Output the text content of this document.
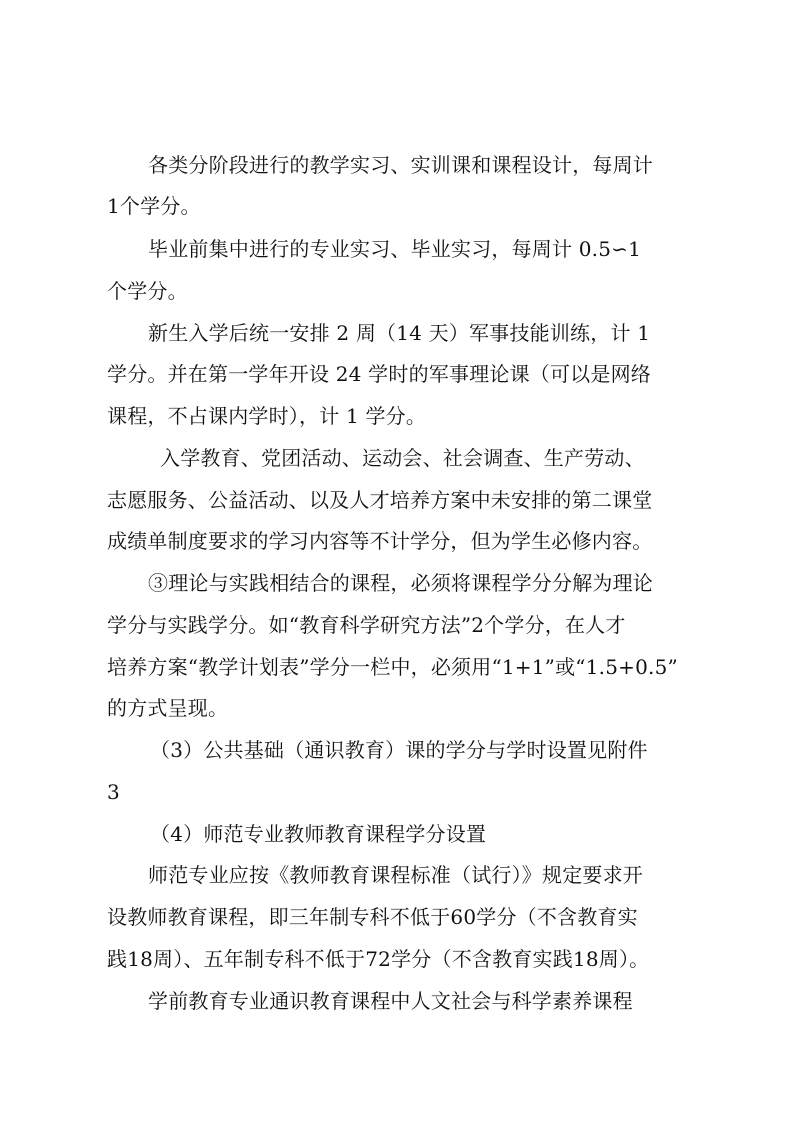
各类分阶段进行的教学实习、实训课和课程设计，每周计
1个学分。
毕业前集中进行的专业实习、毕业实习，每周计 0.5∽1
个学分。
新生入学后统一安排 2 周（14 天）军事技能训练，计 1
学分。并在第一学年开设 24 学时的军事理论课（可以是网络
课程，不占课内学时），计 1 学分。
入学教育、党团活动、运动会、社会调查、生产劳动、
志愿服务、公益活动、以及人才培养方案中未安排的第二课堂
成绩单制度要求的学习内容等不计学分，但为学生必修内容。
③理论与实践相结合的课程，必须将课程学分分解为理论
学分与实践学分。如“教育科学研究方法”2个学分，在人才
培养方案“教学计划表”学分一栏中，必须用“1+1”或“1.5+0.5”
的方式呈现。
（3）公共基础（通识教育）课的学分与学时设置见附件
3
（4）师范专业教师教育课程学分设置
师范专业应按《教师教育课程标准（试行）》规定要求开
设教师教育课程，即三年制专科不低于60学分（不含教育实
践18周）、五年制专科不低于72学分（不含教育实践18周）。
学前教育专业通识教育课程中人文社会与科学素养课程
